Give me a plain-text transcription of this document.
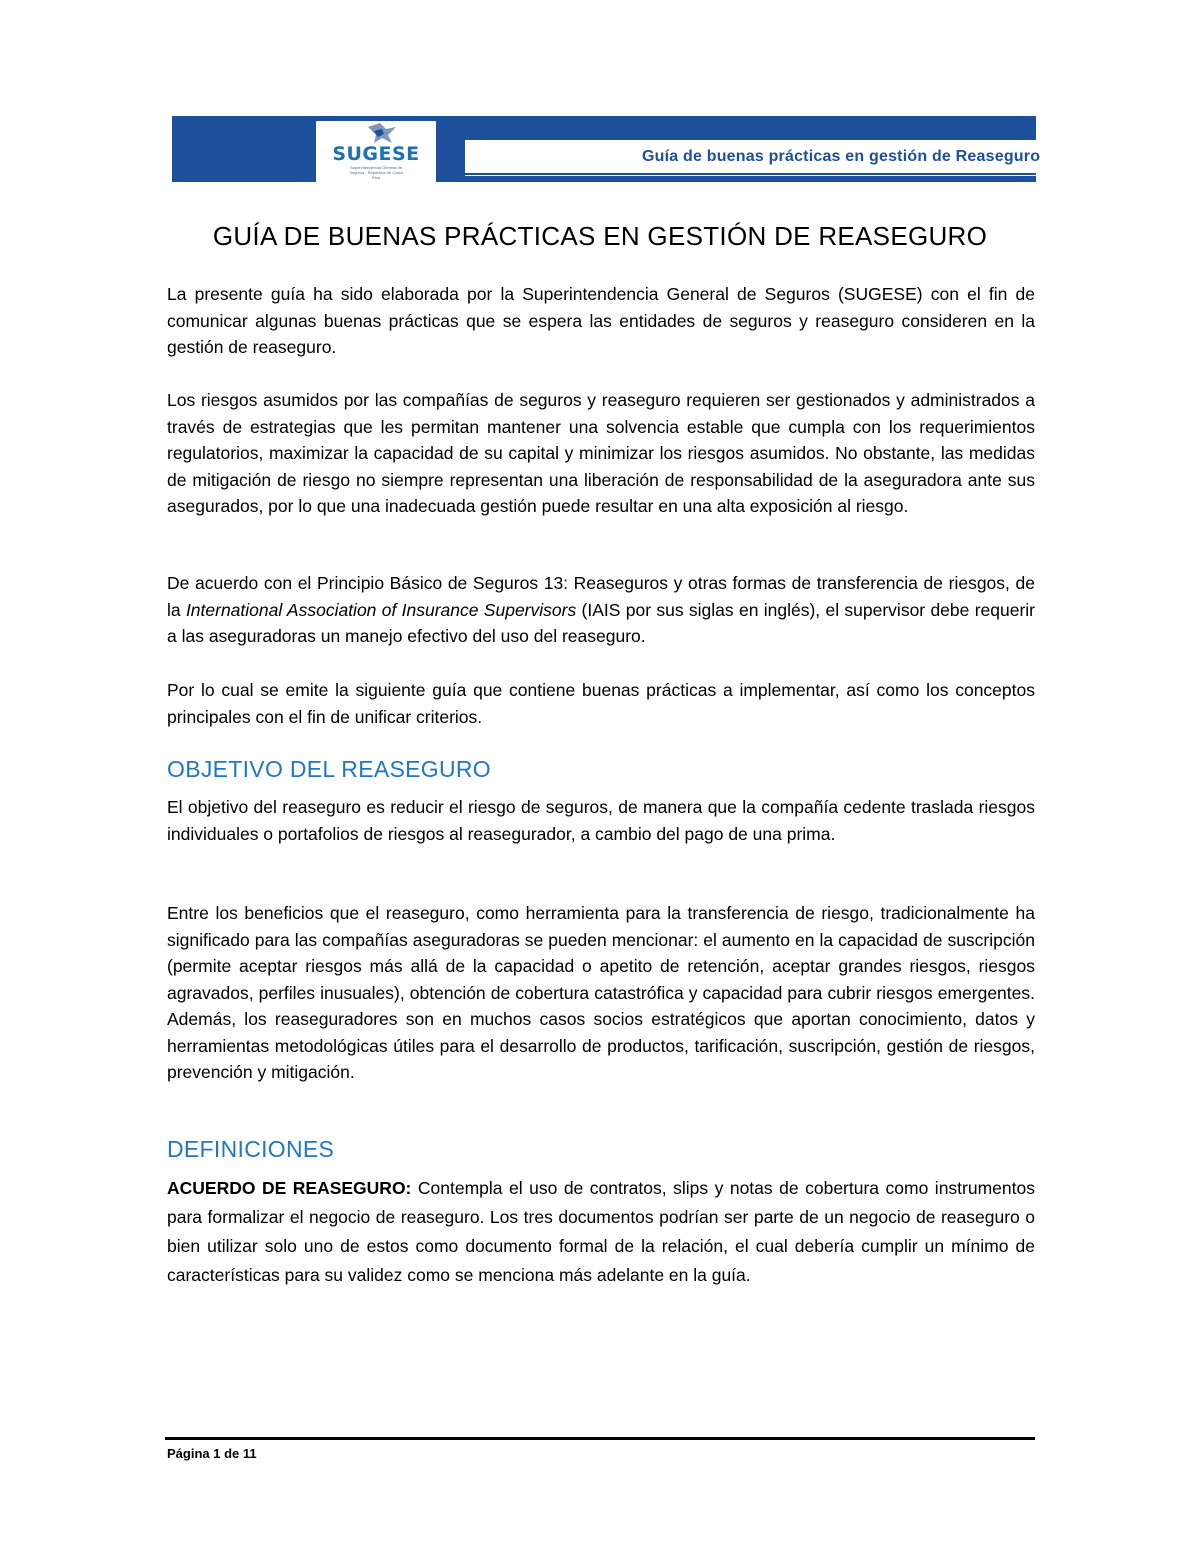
SUGESE
Superintendencia General de Seguros · República de Costa Rica
Guía de buenas prácticas en gestión de Reaseguro
GUÍA DE BUENAS PRÁCTICAS EN GESTIÓN DE REASEGURO

La presente guía ha sido elaborada por la Superintendencia General de Seguros (SUGESE) con el fin de comunicar algunas buenas prácticas que se espera las entidades de seguros y reaseguro consideren en la gestión de reaseguro.

Los riesgos asumidos por las compañías de seguros y reaseguro requieren ser gestionados y administrados a través de estrategias que les permitan mantener una solvencia estable que cumpla con los requerimientos regulatorios, maximizar la capacidad de su capital y minimizar los riesgos asumidos. No obstante, las medidas de mitigación de riesgo no siempre representan una liberación de responsabilidad de la aseguradora ante sus asegurados, por lo que una inadecuada gestión puede resultar en una alta exposición al riesgo.

De acuerdo con el Principio Básico de Seguros 13: Reaseguros y otras formas de transferencia de riesgos, de la International Association of Insurance Supervisors (IAIS por sus siglas en inglés), el supervisor debe requerir a las aseguradoras un manejo efectivo del uso del reaseguro.

Por lo cual se emite la siguiente guía que contiene buenas prácticas a implementar, así como los conceptos principales con el fin de unificar criterios.

OBJETIVO DEL REASEGURO

El objetivo del reaseguro es reducir el riesgo de seguros, de manera que la compañía cedente traslada riesgos individuales o portafolios de riesgos al reasegurador, a cambio del pago de una prima.

Entre los beneficios que el reaseguro, como herramienta para la transferencia de riesgo, tradicionalmente ha significado para las compañías aseguradoras se pueden mencionar: el aumento en la capacidad de suscripción (permite aceptar riesgos más allá de la capacidad o apetito de retención, aceptar grandes riesgos, riesgos agravados, perfiles inusuales), obtención de cobertura catastrófica y capacidad para cubrir riesgos emergentes. Además, los reaseguradores son en muchos casos socios estratégicos que aportan conocimiento, datos y herramientas metodológicas útiles para el desarrollo de productos, tarificación, suscripción, gestión de riesgos, prevención y mitigación.

DEFINICIONES

ACUERDO DE REASEGURO: Contempla el uso de contratos, slips y notas de cobertura como instrumentos para formalizar el negocio de reaseguro. Los tres documentos podrían ser parte de un negocio de reaseguro o bien utilizar solo uno de estos como documento formal de la relación, el cual debería cumplir un mínimo de características para su validez como se menciona más adelante en la guía.

Página 1 de 11
